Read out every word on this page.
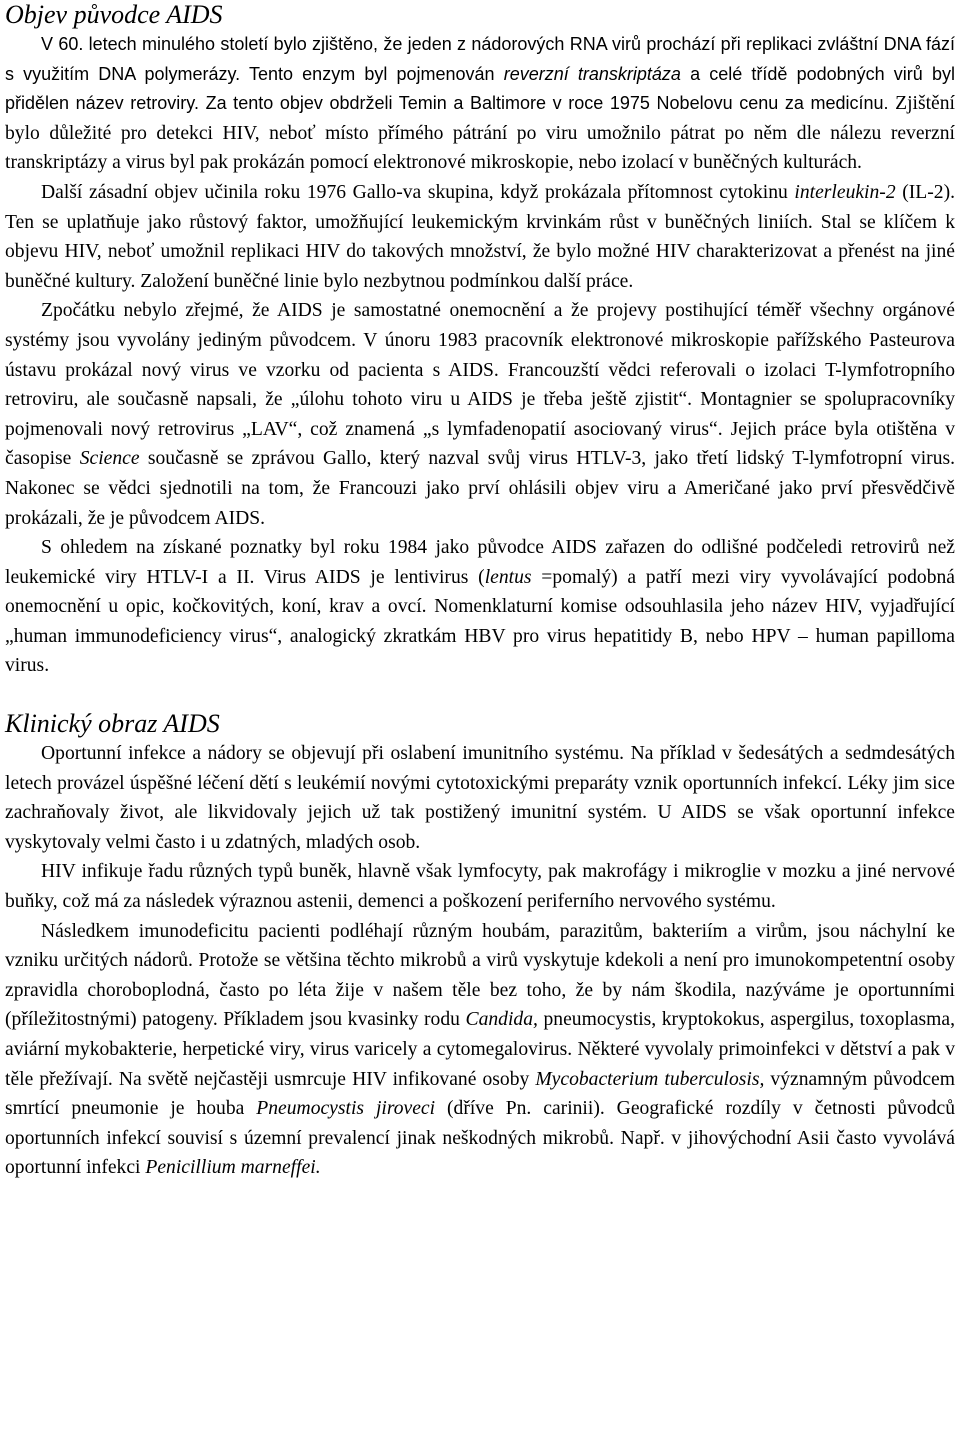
Objev původce AIDS

V 60. letech minulého století bylo zjištěno, že jeden z nádorových RNA virů prochází při replikaci zvláštní DNA fází s využitím DNA polymerázy. Tento enzym byl pojmenován reverzní transkriptáza a celé třídě podobných virů byl přidělen název retroviry. Za tento objev obdrželi Temin a Baltimore v roce 1975 Nobelovu cenu za medicínu. Zjištění bylo důležité pro detekci HIV, neboť místo přímého pátrání po viru umožnilo pátrat po něm dle nálezu reverzní transkriptázy a virus byl pak prokázán pomocí elektronové mikroskopie, nebo izolací v buněčných kulturách.

Další zásadní objev učinila roku 1976 Gallo-va skupina, když prokázala přítomnost cytokinu interleukin-2 (IL-2). Ten se uplatňuje jako růstový faktor, umožňující leukemickým krvinkám růst v buněčných liniích. Stal se klíčem k objevu HIV, neboť umožnil replikaci HIV do takových množství, že bylo možné HIV charakterizovat a přenést na jiné buněčné kultury. Založení buněčné linie bylo nezbytnou podmínkou další práce.

Zpočátku nebylo zřejmé, že AIDS je samostatné onemocnění a že projevy postihující téměř všechny orgánové systémy jsou vyvolány jediným původcem. V únoru 1983 pracovník elektronové mikroskopie pařížského Pasteurova ústavu prokázal nový virus ve vzorku od pacienta s AIDS. Francouzští vědci referovali o izolaci T-lymfotropního retroviru, ale současně napsali, že „úlohu tohoto viru u AIDS je třeba ještě zjistit“. Montagnier se spolupracovníky pojmenovali nový retrovirus „LAV“, což znamená „s lymfadenopatií asociovaný virus“. Jejich práce byla otištěna v časopise Science současně se zprávou Gallo, který nazval svůj virus HTLV-3, jako třetí lidský T-lymfotropní virus. Nakonec se vědci sjednotili na tom, že Francouzi jako prví ohlásili objev viru a Američané jako prví přesvědčivě prokázali, že je původcem AIDS.

S ohledem na získané poznatky byl roku 1984 jako původce AIDS zařazen do odlišné podčeledi retrovirů než leukemické viry HTLV-I a II. Virus AIDS je lentivirus (lentus =pomalý) a patří mezi viry vyvolávající podobná onemocnění u opic, kočkovitých, koní, krav a ovcí. Nomenklaturní komise odsouhlasila jeho název HIV, vyjadřující „human immunodeficiency virus“, analogický zkratkám HBV pro virus hepatitidy B, nebo HPV – human papilloma virus.

Klinický obraz AIDS

Oportunní infekce a nádory se objevují při oslabení imunitního systému. Na příklad v šedesátých a sedmdesátých letech provázel úspěšné léčení dětí s leukémií novými cytotoxickými preparáty vznik oportunních infekcí. Léky jim sice zachraňovaly život, ale likvidovaly jejich už tak postižený imunitní systém. U AIDS se však oportunní infekce vyskytovaly velmi často i u zdatných, mladých osob.

HIV infikuje řadu různých typů buněk, hlavně však lymfocyty, pak makrofágy i mikroglie v mozku a jiné nervové buňky, což má za následek výraznou astenii, demenci a poškození periferního nervového systému.

Následkem imunodeficitu pacienti podléhají různým houbám, parazitům, bakteriím a virům, jsou náchylní ke vzniku určitých nádorů. Protože se většina těchto mikrobů a virů vyskytuje kdekoli a není pro imunokompetentní osoby zpravidla choroboplodná, často po léta žije v našem těle bez toho, že by nám škodila, nazýváme je oportunními (příležitostnými) patogeny. Příkladem jsou kvasinky rodu Candida, pneumocystis, kryptokokus, aspergilus, toxoplasma, aviární mykobakterie, herpetické viry, virus varicely a cytomegalovirus. Některé vyvolaly primoinfekci v dětství a pak v těle přežívají. Na světě nejčastěji usmrcuje HIV infikované osoby Mycobacterium tuberculosis, významným původcem smrtící pneumonie je houba Pneumocystis jiroveci (dříve Pn. carinii). Geografické rozdíly v četnosti původců oportunních infekcí souvisí s územní prevalencí jinak neškodných mikrobů. Např. v jihovýchodní Asii často vyvolává oportunní infekci Penicillium marneffei.
